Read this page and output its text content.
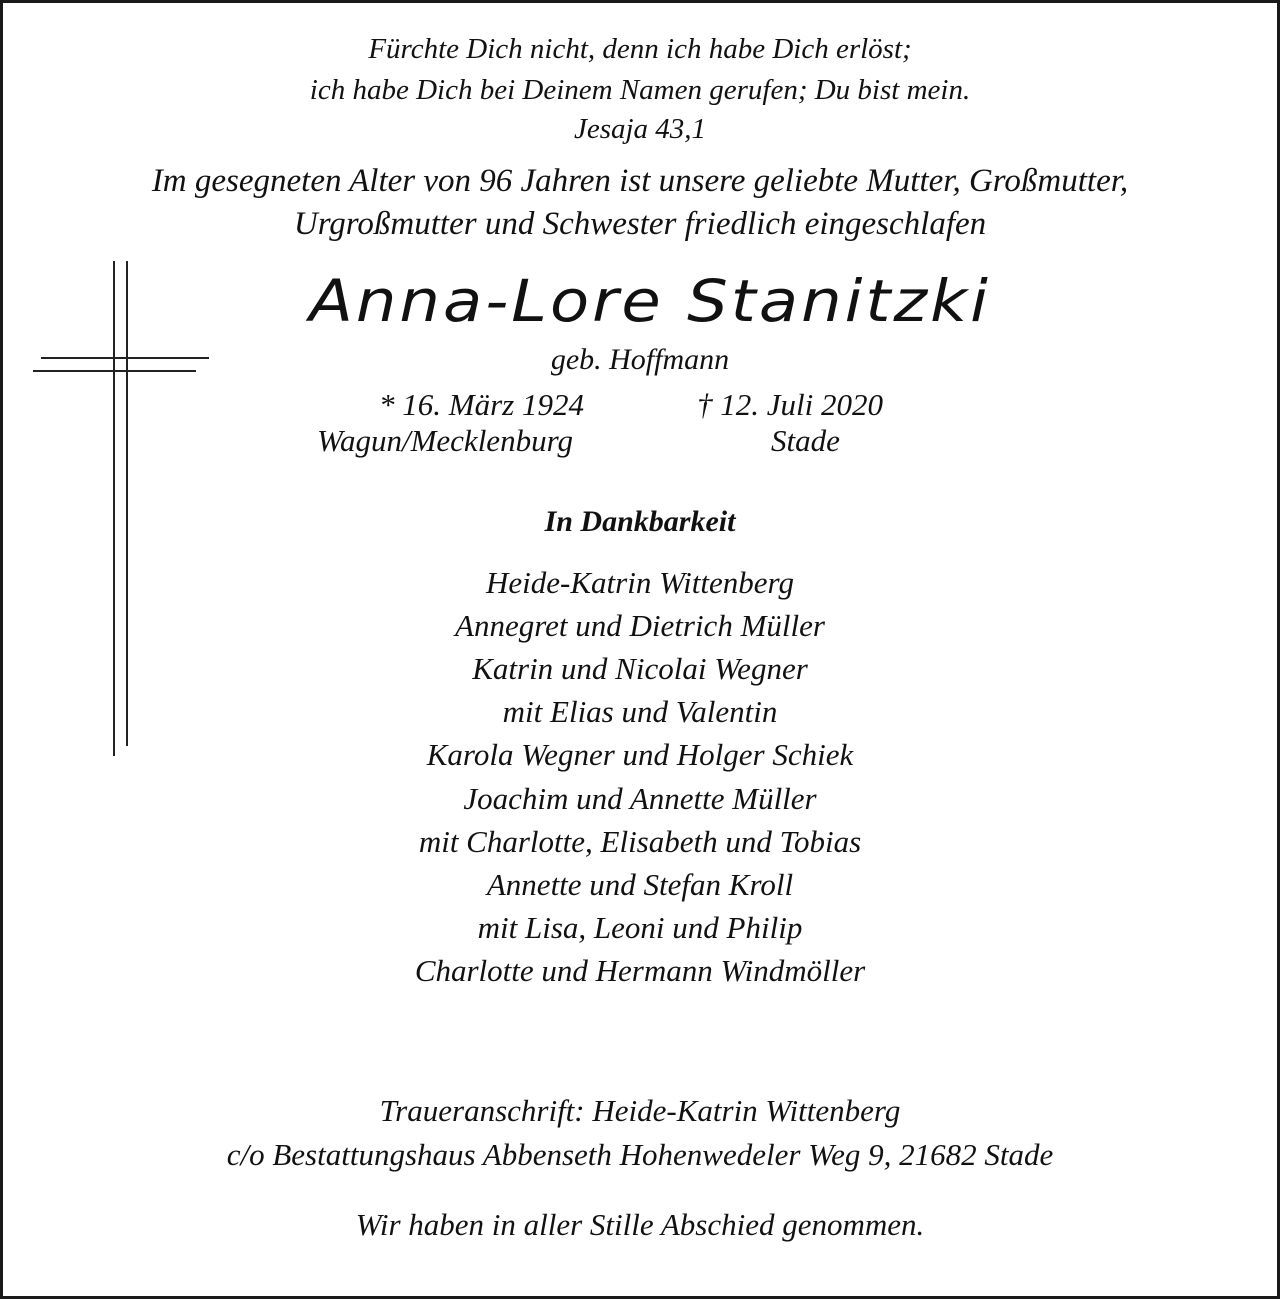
Fürchte Dich nicht, denn ich habe Dich erlöst;
ich habe Dich bei Deinem Namen gerufen; Du bist mein.
Jesaja 43,1
Im gesegneten Alter von 96 Jahren ist unsere geliebte Mutter, Großmutter,
Urgroßmutter und Schwester friedlich eingeschlafen
Anna-Lore Stanitzki
geb. Hoffmann
* 16. März 1924	† 12. Juli 2020
Wagun/Mecklenburg	Stade
In Dankbarkeit
Heide-Katrin Wittenberg
Annegret und Dietrich Müller
Katrin und Nicolai Wegner
mit Elias und Valentin
Karola Wegner und Holger Schiek
Joachim und Annette Müller
mit Charlotte, Elisabeth und Tobias
Annette und Stefan Kroll
mit Lisa, Leoni und Philip
Charlotte und Hermann Windmöller
Traueranschrift: Heide-Katrin Wittenberg
c/o Bestattungshaus Abbenseth Hohenwedeler Weg 9, 21682 Stade
Wir haben in aller Stille Abschied genommen.
